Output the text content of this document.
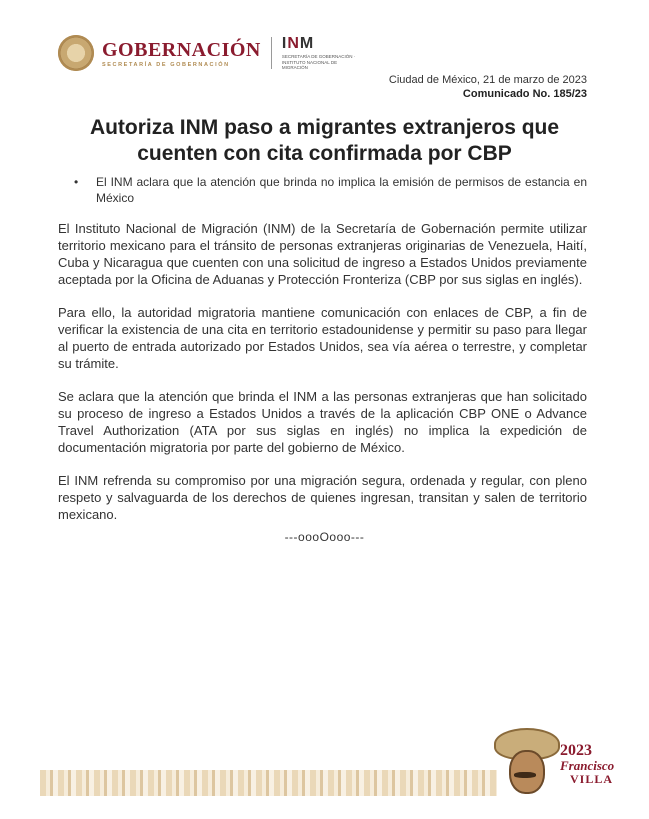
GOBERNACIÓN
SECRETARÍA DE GOBERNACIÓN
INM
SECRETARÍA DE GOBERNACIÓN · INSTITUTO NACIONAL DE MIGRACIÓN
Ciudad de México, 21 de marzo de 2023
Comunicado No. 185/23
Autoriza INM paso a migrantes extranjeros que cuenten con cita confirmada por CBP
• El INM aclara que la atención que brinda no implica la emisión de permisos de estancia en México

El Instituto Nacional de Migración (INM) de la Secretaría de Gobernación permite utilizar territorio mexicano para el tránsito de personas extranjeras originarias de Venezuela, Haití, Cuba y Nicaragua que cuenten con una solicitud de ingreso a Estados Unidos previamente aceptada por la Oficina de Aduanas y Protección Fronteriza (CBP por sus siglas en inglés).

Para ello, la autoridad migratoria mantiene comunicación con enlaces de CBP, a fin de verificar la existencia de una cita en territorio estadounidense y permitir su paso para llegar al puerto de entrada autorizado por Estados Unidos, sea vía aérea o terrestre, y completar su trámite.

Se aclara que la atención que brinda el INM a las personas extranjeras que han solicitado su proceso de ingreso a Estados Unidos a través de la aplicación CBP ONE o Advance Travel Authorization (ATA por sus siglas en inglés) no implica la expedición de documentación migratoria por parte del gobierno de México.

El INM refrenda su compromiso por una migración segura, ordenada y regular, con pleno respeto y salvaguarda de los derechos de quienes ingresan, transitan y salen de territorio mexicano.

---oooOooo---
2023
Francisco
VILLA
